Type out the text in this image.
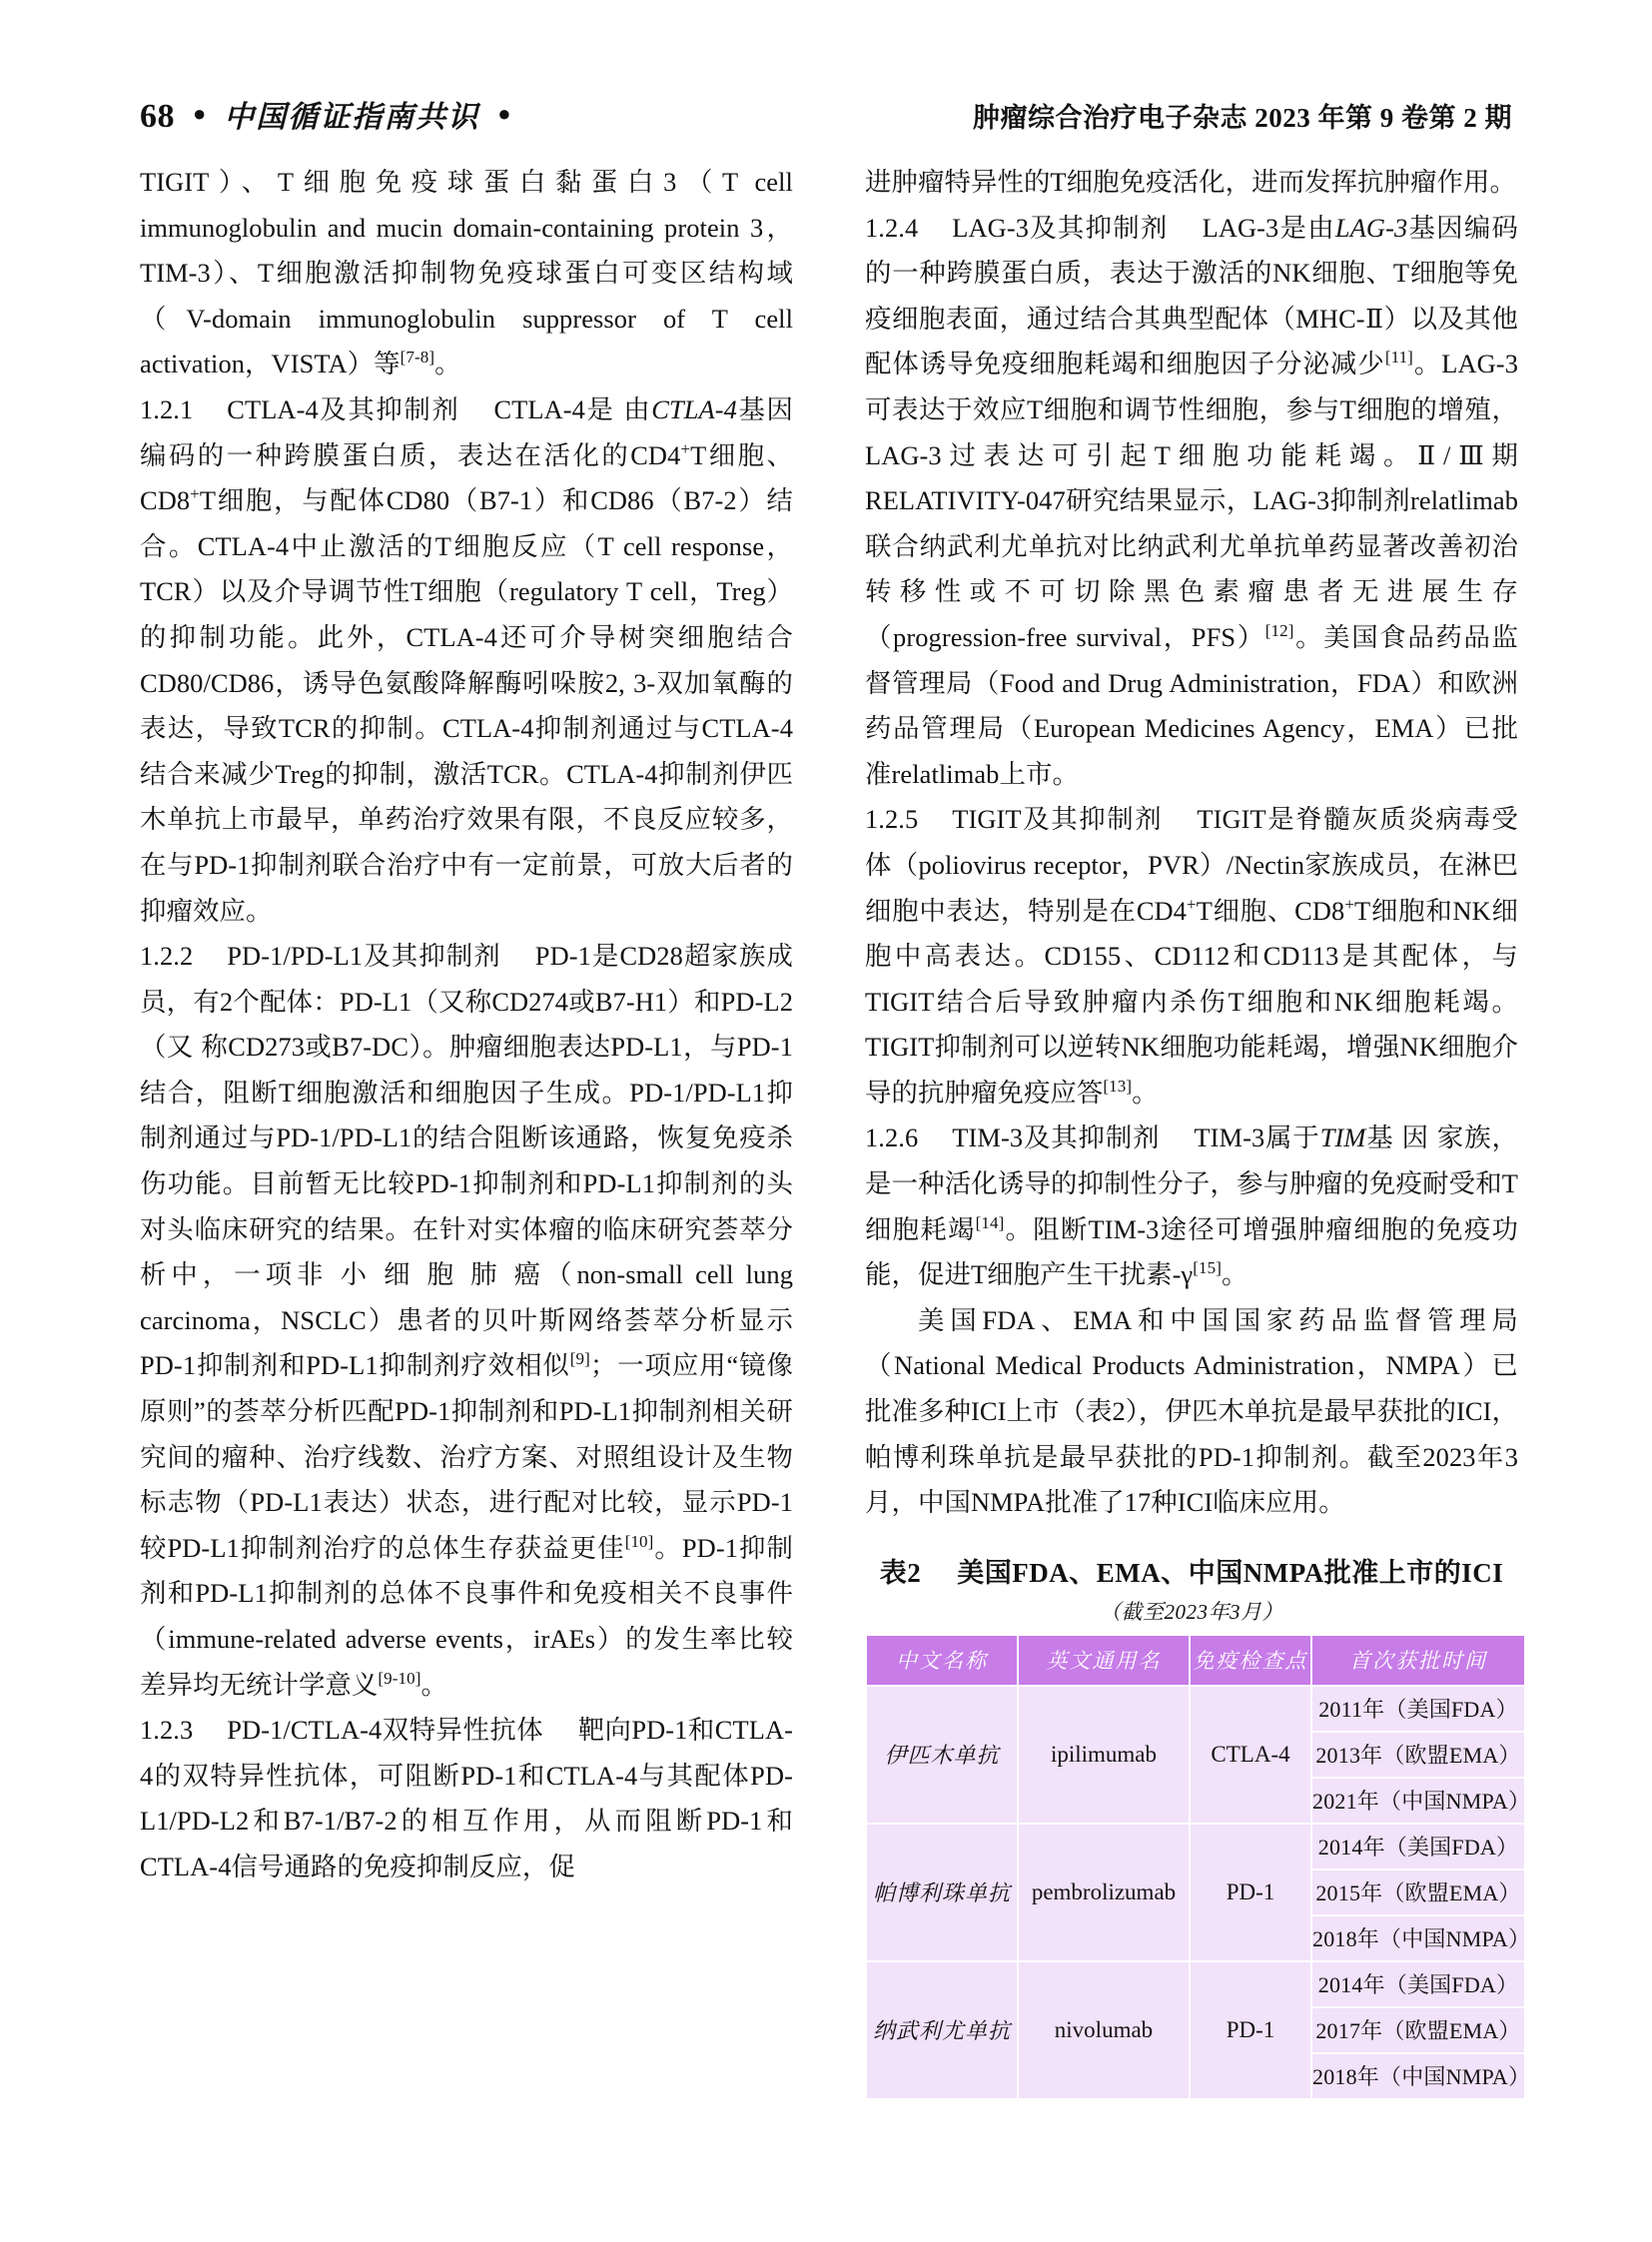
68 ● 中国循证指南共识 ●	肿瘤综合治疗电子杂志 2023 年第 9 卷第 2 期

TIGIT）、T细胞免疫球蛋白黏蛋白3（T cell immunoglobulin and mucin domain-containing protein 3，TIM-3）、T细胞激活抑制物免疫球蛋白可变区结构域（V-domain immunoglobulin suppressor of T cell activation，VISTA）等[7-8]。

1.2.1 CTLA-4及其抑制剂 CTLA-4是 由CTLA-4基因编码的一种跨膜蛋白质，表达在活化的CD4+T细胞、CD8+T细胞，与配体CD80（B7-1）和CD86（B7-2）结合。CTLA-4中止激活的T细胞反应（T cell response，TCR）以及介导调节性T细胞（regulatory T cell，Treg）的抑制功能。此外，CTLA-4还可介导树突细胞结合CD80/CD86，诱导色氨酸降解酶吲哚胺2, 3-双加氧酶的表达，导致TCR的抑制。CTLA-4抑制剂通过与CTLA-4结合来减少Treg的抑制，激活TCR。CTLA-4抑制剂伊匹木单抗上市最早，单药治疗效果有限，不良反应较多，在与PD-1抑制剂联合治疗中有一定前景，可放大后者的抑瘤效应。

1.2.2 PD-1/PD-L1及其抑制剂 PD-1是CD28超家族成员，有2个配体：PD-L1（又称CD274或B7-H1）和PD-L2（又 称CD273或B7-DC）。肿瘤细胞表达PD-L1，与PD-1结合，阻断T细胞激活和细胞因子生成。PD-1/PD-L1抑制剂通过与PD-1/PD-L1的结合阻断该通路，恢复免疫杀伤功能。目前暂无比较PD-1抑制剂和PD-L1抑制剂的头对头临床研究的结果。在针对实体瘤的临床研究荟萃分析中，一项非 小 细 胞 肺 癌（non-small cell lung carcinoma，NSCLC）患者的贝叶斯网络荟萃分析显示PD-1抑制剂和PD-L1抑制剂疗效相似[9]；一项应用“镜像原则”的荟萃分析匹配PD-1抑制剂和PD-L1抑制剂相关研究间的瘤种、治疗线数、治疗方案、对照组设计及生物标志物（PD-L1表达）状态，进行配对比较，显示PD-1较PD-L1抑制剂治疗的总体生存获益更佳[10]。PD-1抑制剂和PD-L1抑制剂的总体不良事件和免疫相关不良事件（immune-related adverse events，irAEs）的发生率比较差异均无统计学意义[9-10]。

1.2.3 PD-1/CTLA-4双特异性抗体 靶向PD-1和CTLA-4的双特异性抗体，可阻断PD-1和CTLA-4与其配体PD-L1/PD-L2和B7-1/B7-2的相互作用，从而阻断PD-1和CTLA-4信号通路的免疫抑制反应，促

进肿瘤特异性的T细胞免疫活化，进而发挥抗肿瘤作用。

1.2.4 LAG-3及其抑制剂 LAG-3是由LAG-3基因编码的一种跨膜蛋白质，表达于激活的NK细胞、T细胞等免疫细胞表面，通过结合其典型配体（MHC-Ⅱ）以及其他配体诱导免疫细胞耗竭和细胞因子分泌减少[11]。LAG-3可表达于效应T细胞和调节性细胞，参与T细胞的增殖，LAG-3过表达可引起T细胞功能耗竭。Ⅱ/Ⅲ期RELATIVITY-047研究结果显示，LAG-3抑制剂relatlimab联合纳武利尤单抗对比纳武利尤单抗单药显著改善初治转移性或不可切除黑色素瘤患者无进展生存（progression-free survival，PFS）[12]。美国食品药品监督管理局（Food and Drug Administration，FDA）和欧洲药品管理局（European Medicines Agency，EMA）已批准relatlimab上市。

1.2.5 TIGIT及其抑制剂 TIGIT是脊髓灰质炎病毒受体（poliovirus receptor，PVR）/Nectin家族成员，在淋巴细胞中表达，特别是在CD4+T细胞、CD8+T细胞和NK细胞中高表达。CD155、CD112和CD113是其配体，与TIGIT结合后导致肿瘤内杀伤T细胞和NK细胞耗竭。TIGIT抑制剂可以逆转NK细胞功能耗竭，增强NK细胞介导的抗肿瘤免疫应答[13]。

1.2.6 TIM-3及其抑制剂 TIM-3属于TIM基 因 家族，是一种活化诱导的抑制性分子，参与肿瘤的免疫耐受和T细胞耗竭[14]。阻断TIM-3途径可增强肿瘤细胞的免疫功能，促进T细胞产生干扰素-γ[15]。

美国FDA、EMA和中国国家药品监督管理局（National Medical Products Administration，NMPA）已批准多种ICI上市（表2），伊匹木单抗是最早获批的ICI，帕博利珠单抗是最早获批的PD-1抑制剂。截至2023年3月，中国NMPA批准了17种ICI临床应用。

表2 美国FDA、EMA、中国NMPA批准上市的ICI
（截至2023年3月）
中文名称	英文通用名	免疫检查点	首次获批时间
伊匹木单抗	ipilimumab	CTLA-4	2011年（美国FDA）
			2013年（欧盟EMA）
			2021年（中国NMPA）
帕博利珠单抗	pembrolizumab	PD-1	2014年（美国FDA）
			2015年（欧盟EMA）
			2018年（中国NMPA）
纳武利尤单抗	nivolumab	PD-1	2014年（美国FDA）
			2017年（欧盟EMA）
			2018年（中国NMPA）
